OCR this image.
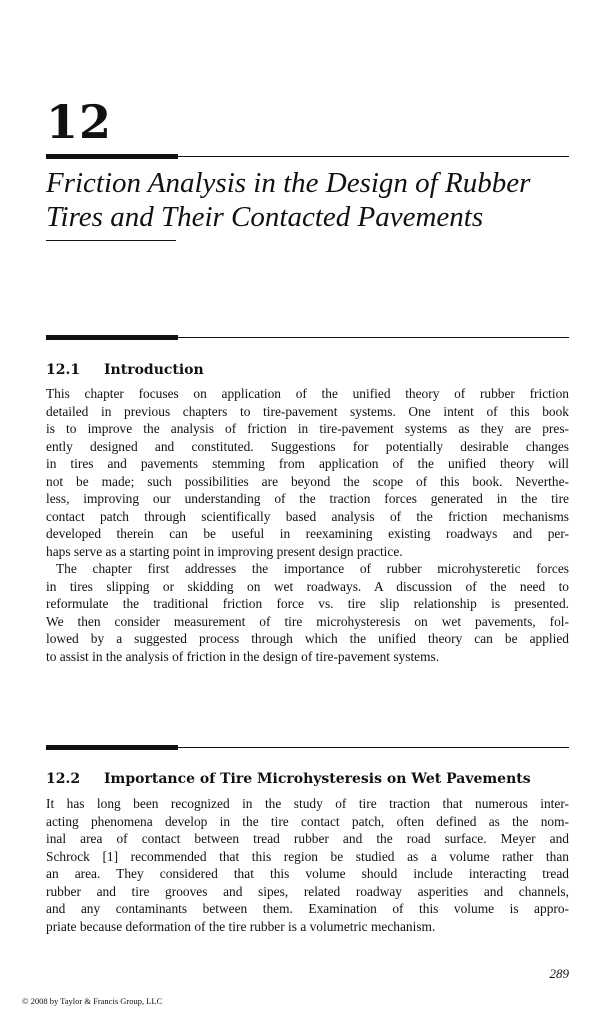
12
Friction Analysis in the Design of Rubber
Tires and Their Contacted Pavements
12.1 Introduction
This chapter focuses on application of the unified theory of rubber friction
detailed in previous chapters to tire-pavement systems. One intent of this book
is to improve the analysis of friction in tire-pavement systems as they are pres-
ently designed and constituted. Suggestions for potentially desirable changes
in tires and pavements stemming from application of the unified theory will
not be made; such possibilities are beyond the scope of this book. Neverthe-
less, improving our understanding of the traction forces generated in the tire
contact patch through scientifically based analysis of the friction mechanisms
developed therein can be useful in reexamining existing roadways and per-
haps serve as a starting point in improving present design practice.
The chapter first addresses the importance of rubber microhysteretic forces
in tires slipping or skidding on wet roadways. A discussion of the need to
reformulate the traditional friction force vs. tire slip relationship is presented.
We then consider measurement of tire microhysteresis on wet pavements, fol-
lowed by a suggested process through which the unified theory can be applied
to assist in the analysis of friction in the design of tire-pavement systems.
12.2 Importance of Tire Microhysteresis on Wet Pavements
It has long been recognized in the study of tire traction that numerous inter-
acting phenomena develop in the tire contact patch, often defined as the nom-
inal area of contact between tread rubber and the road surface. Meyer and
Schrock [1] recommended that this region be studied as a volume rather than
an area. They considered that this volume should include interacting tread
rubber and tire grooves and sipes, related roadway asperities and channels,
and any contaminants between them. Examination of this volume is appro-
priate because deformation of the tire rubber is a volumetric mechanism.

289

© 2008 by Taylor & Francis Group, LLC
